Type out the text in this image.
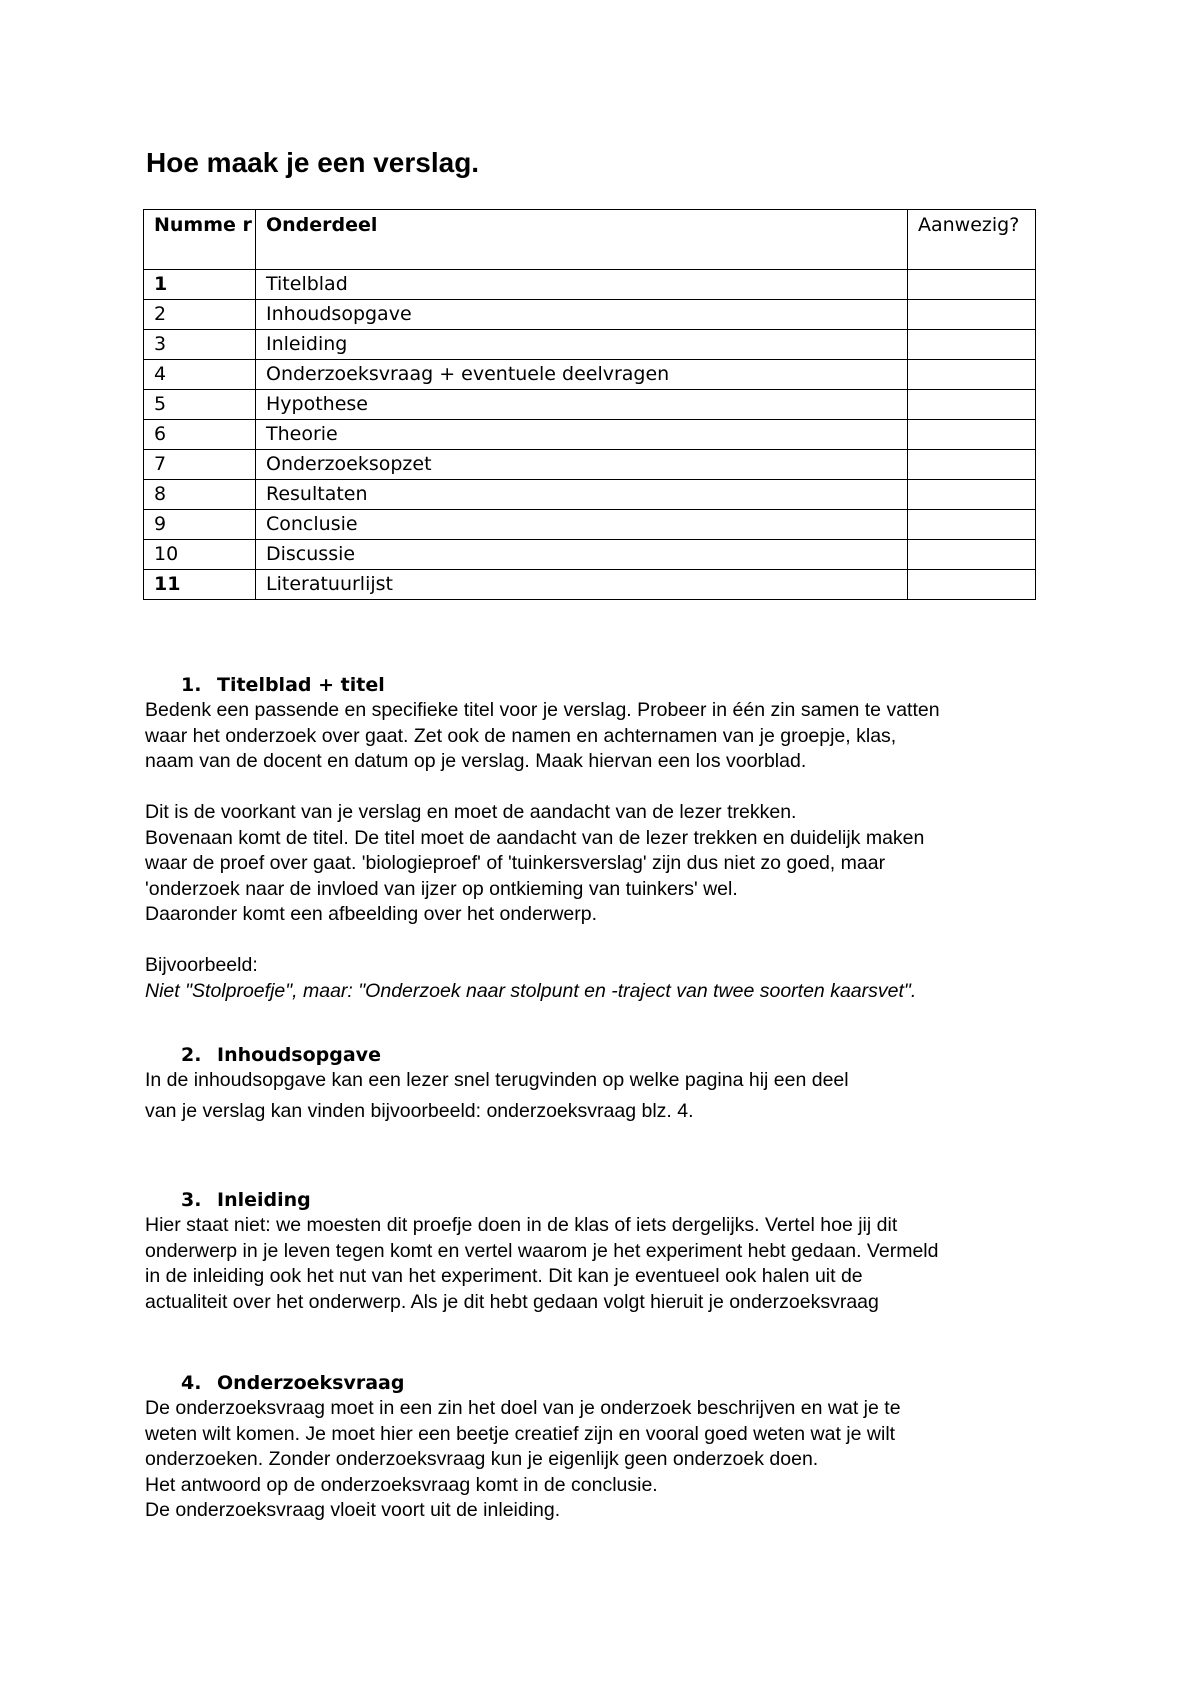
Hoe maak je een verslag.
Numme r	Onderdeel	Aanwezig?
1	Titelblad	
2	Inhoudsopgave	
3	Inleiding	
4	Onderzoeksvraag + eventuele deelvragen	
5	Hypothese	
6	Theorie	
7	Onderzoeksopzet	
8	Resultaten	
9	Conclusie	
10	Discussie	
11	Literatuurlijst	
1. Titelblad + titel

Bedenk een passende en specifieke titel voor je verslag. Probeer in één zin samen te vatten

waar het onderzoek over gaat. Zet ook de namen en achternamen van je groepje, klas,

naam van de docent en datum op je verslag. Maak hiervan een los voorblad.

Dit is de voorkant van je verslag en moet de aandacht van de lezer trekken.

Bovenaan komt de titel. De titel moet de aandacht van de lezer trekken en duidelijk maken

waar de proef over gaat. 'biologieproef' of 'tuinkersverslag' zijn dus niet zo goed, maar

'onderzoek naar de invloed van ijzer op ontkieming van tuinkers' wel.

Daaronder komt een afbeelding over het onderwerp.

Bijvoorbeeld:

Niet "Stolproefje", maar: "Onderzoek naar stolpunt en -traject van twee soorten kaarsvet".

2. Inhoudsopgave

In de inhoudsopgave kan een lezer snel terugvinden op welke pagina hij een deel

van je verslag kan vinden bijvoorbeeld: onderzoeksvraag blz. 4.

3. Inleiding

Hier staat niet: we moesten dit proefje doen in de klas of iets dergelijks. Vertel hoe jij dit

onderwerp in je leven tegen komt en vertel waarom je het experiment hebt gedaan. Vermeld

in de inleiding ook het nut van het experiment. Dit kan je eventueel ook halen uit de

actualiteit over het onderwerp. Als je dit hebt gedaan volgt hieruit je onderzoeksvraag

4. Onderzoeksvraag

De onderzoeksvraag moet in een zin het doel van je onderzoek beschrijven en wat je te

weten wilt komen. Je moet hier een beetje creatief zijn en vooral goed weten wat je wilt

onderzoeken. Zonder onderzoeksvraag kun je eigenlijk geen onderzoek doen.

Het antwoord op de onderzoeksvraag komt in de conclusie.

De onderzoeksvraag vloeit voort uit de inleiding.
